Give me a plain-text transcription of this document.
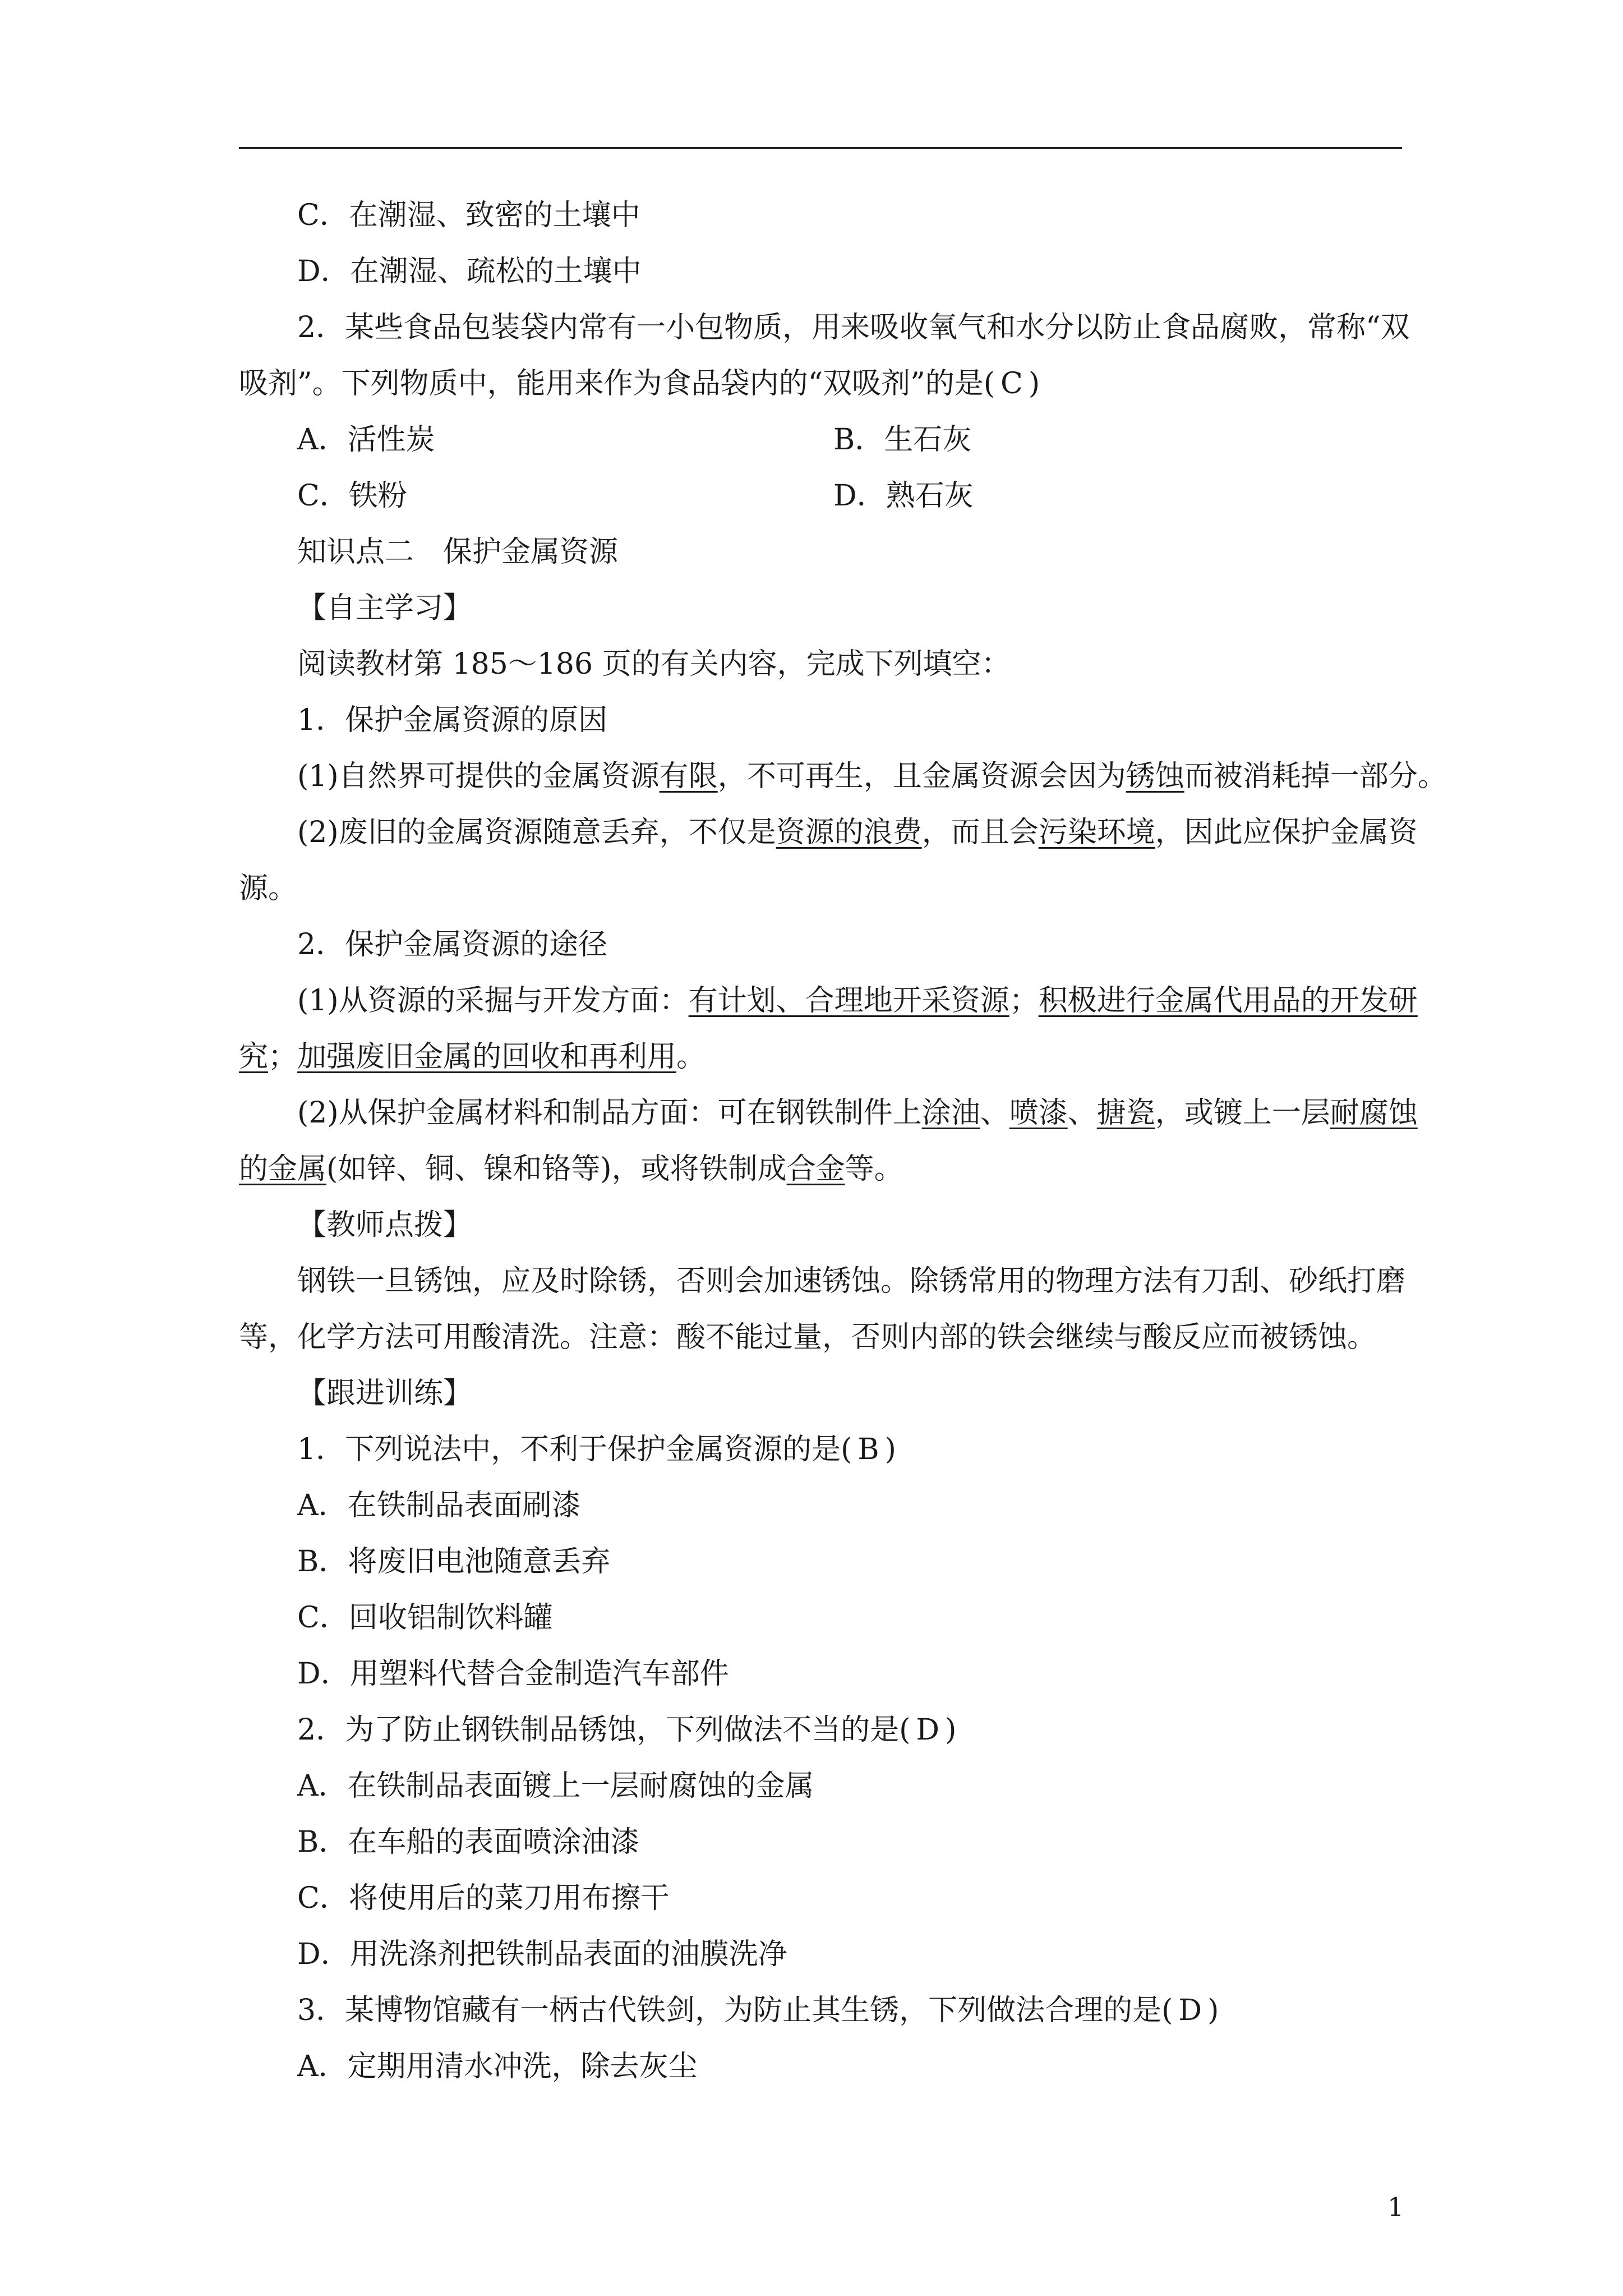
C．在潮湿、致密的土壤中
D．在潮湿、疏松的土壤中
2．某些食品包装袋内常有一小包物质，用来吸收氧气和水分以防止食品腐败，常称“双
吸剂”。下列物质中，能用来作为食品袋内的“双吸剂”的是( C )
A．活性炭	B．生石灰
C．铁粉	D．熟石灰
知识点二　保护金属资源
【自主学习】
阅读教材第 185～186 页的有关内容，完成下列填空：
1．保护金属资源的原因
(1)自然界可提供的金属资源有限，不可再生，且金属资源会因为锈蚀而被消耗掉一部分。
(2)废旧的金属资源随意丢弃，不仅是资源的浪费，而且会污染环境，因此应保护金属资
源。
2．保护金属资源的途径
(1)从资源的采掘与开发方面：有计划、合理地开采资源；积极进行金属代用品的开发研
究；加强废旧金属的回收和再利用。
(2)从保护金属材料和制品方面：可在钢铁制件上涂油、喷漆、搪瓷，或镀上一层耐腐蚀
的金属(如锌、铜、镍和铬等)，或将铁制成合金等。
【教师点拨】
钢铁一旦锈蚀，应及时除锈，否则会加速锈蚀。除锈常用的物理方法有刀刮、砂纸打磨
等，化学方法可用酸清洗。注意：酸不能过量，否则内部的铁会继续与酸反应而被锈蚀。
【跟进训练】
1．下列说法中，不利于保护金属资源的是( B )
A．在铁制品表面刷漆
B．将废旧电池随意丢弃
C．回收铝制饮料罐
D．用塑料代替合金制造汽车部件
2．为了防止钢铁制品锈蚀，下列做法不当的是( D )
A．在铁制品表面镀上一层耐腐蚀的金属
B．在车船的表面喷涂油漆
C．将使用后的菜刀用布擦干
D．用洗涤剂把铁制品表面的油膜洗净
3．某博物馆藏有一柄古代铁剑，为防止其生锈，下列做法合理的是( D )
A．定期用清水冲洗，除去灰尘
1
